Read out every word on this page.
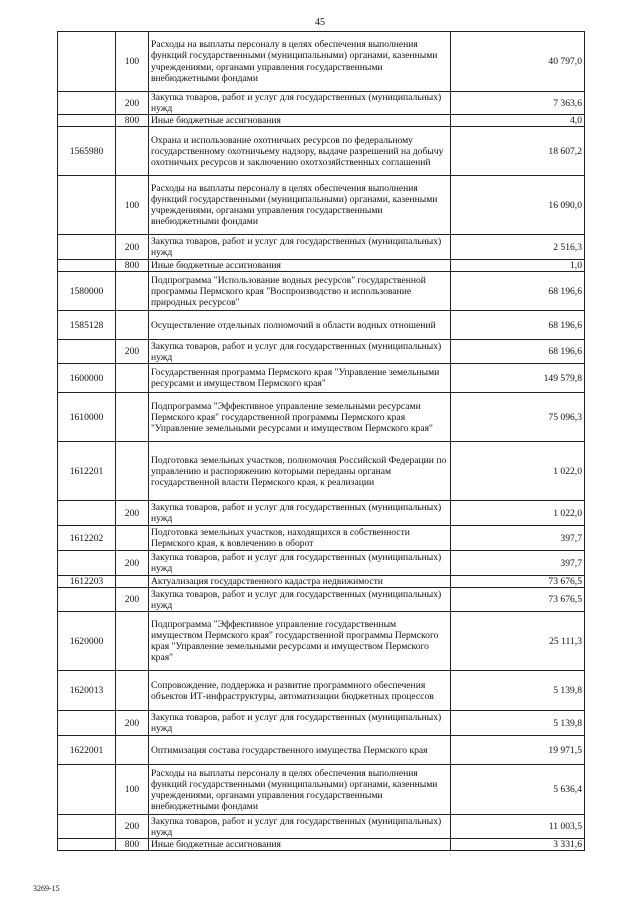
45
	100	Расходы на выплаты персоналу в целях обеспечения выполнения функций государственными (муниципальными) органами, казенными учреждениями, органами управления государственными внебюджетными фондами	40 797,0
	200	Закупка товаров, работ и услуг для государственных (муниципальных) нужд	7 363,6
	800	Иные бюджетные ассигнования	4,0
1565980		Охрана и использование охотничьих ресурсов по федеральному государственному охотничьему надзору, выдаче разрешений на добычу охотничьих ресурсов и заключению охотхозяйственных соглашений	18 607,2
	100	Расходы на выплаты персоналу в целях обеспечения выполнения функций государственными (муниципальными) органами, казенными учреждениями, органами управления государственными внебюджетными фондами	16 090,0
	200	Закупка товаров, работ и услуг для государственных (муниципальных) нужд	2 516,3
	800	Иные бюджетные ассигнования	1,0
1580000		Подпрограмма "Использование водных ресурсов" государственной программы Пермского края "Воспроизводство и использование природных ресурсов"	68 196,6
1585128		Осуществление отдельных полномочий в области водных отношений	68 196,6
	200	Закупка товаров, работ и услуг для государственных (муниципальных) нужд	68 196,6
1600000		Государственная программа Пермского края "Управление земельными ресурсами и имуществом Пермского края"	149 579,8
1610000		Подпрограмма "Эффективное управление земельными ресурсами Пермского края" государственной программы Пермского края "Управление земельными ресурсами и имуществом Пермского края"	75 096,3
1612201		Подготовка земельных участков, полномочия Российской Федерации по управлению и распоряжению которыми переданы органам государственной власти Пермского края, к реализации	1 022,0
	200	Закупка товаров, работ и услуг для государственных (муниципальных) нужд	1 022,0
1612202		Подготовка земельных участков, находящихся в собственности Пермского края, к вовлечению в оборот	397,7
	200	Закупка товаров, работ и услуг для государственных (муниципальных) нужд	397,7
1612203		Актуализация государственного кадастра недвижимости	73 676,5
	200	Закупка товаров, работ и услуг для государственных (муниципальных) нужд	73 676,5
1620000		Подпрограмма "Эффективное управление государственным имуществом Пермского края" государственной программы Пермского края "Управление земельными ресурсами и имуществом Пермского края"	25 111,3
1620013		Сопровождение, поддержка и развитие программного обеспечения объектов ИТ-инфраструктуры, автоматизации бюджетных процессов	5 139,8
	200	Закупка товаров, работ и услуг для государственных (муниципальных) нужд	5 139,8
1622001		Оптимизация состава государственного имущества Пермского края	19 971,5
	100	Расходы на выплаты персоналу в целях обеспечения выполнения функций государственными (муниципальными) органами, казенными учреждениями, органами управления государственными внебюджетными фондами	5 636,4
	200	Закупка товаров, работ и услуг для государственных (муниципальных) нужд	11 003,5
	800	Иные бюджетные ассигнования	3 331,6
3269-15
